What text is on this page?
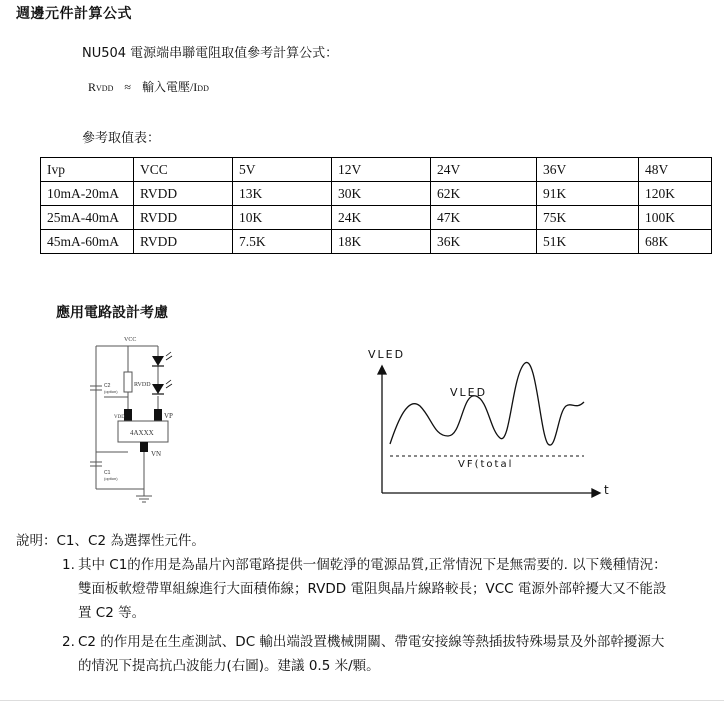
週邊元件計算公式
NU504 電源端串聯電阻取值參考計算公式：
RVDD ≈ 輸入電壓/IDD
參考取值表：
Ivp	VCC	5V	12V	24V	36V	48V
10mA-20mA	RVDD	13K	30K	62K	91K	120K
25mA-40mA	RVDD	10K	24K	47K	75K	100K
45mA-60mA	RVDD	7.5K	18K	36K	51K	68K
應用電路設計考慮
VCC
RVDD
VDD	VP
4AXXX
VN
C2
(option)
C1
(option)
VLED
VLED
VF(total
t
說明：C1、C2 為選擇性元件。
1. 其中 C1的作用是為晶片內部電路提供一個乾淨的電源品質,正常情況下是無需要的. 以下幾種情況：
雙面板軟燈帶單組線進行大面積佈線；RVDD 電阻與晶片線路較長；VCC 電源外部幹擾大又不能設
置 C2 等。
2. C2 的作用是在生產測試、DC 輸出端設置機械開關、帶電安接線等熱插拔特殊場景及外部幹擾源大
的情況下提高抗凸波能力(右圖)。建議 0.5 米/顆。
